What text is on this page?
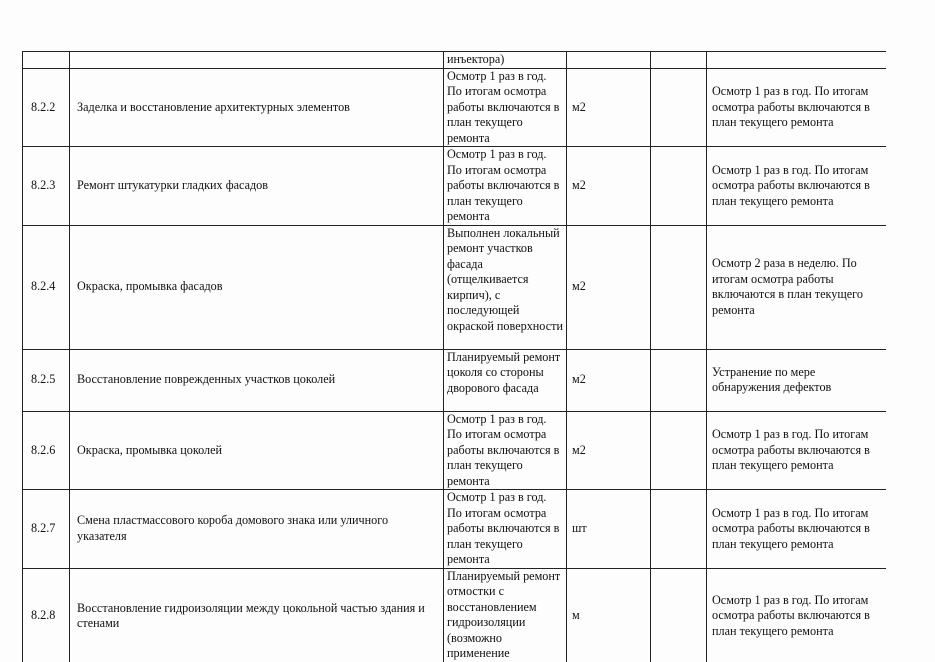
		инъектора)			
8.2.2	Заделка и восстановление архитектурных элементов	Осмотр 1 раз в год. По итогам осмотра работы включаются в план текущего ремонта	м2		Осмотр 1 раз в год. По итогам осмотра работы включаются в план текущего ремонта
8.2.3	Ремонт штукатурки гладких фасадов	Осмотр 1 раз в год. По итогам осмотра работы включаются в план текущего ремонта	м2		Осмотр 1 раз в год. По итогам осмотра работы включаются в план текущего ремонта
8.2.4	Окраска, промывка фасадов	Выполнен локальный ремонт участков фасада (отщелкивается кирпич), с последующей окраской поверхности	м2		Осмотр 2 раза в неделю. По итогам осмотра работы включаются в план текущего ремонта
8.2.5	Восстановление поврежденных участков цоколей	Планируемый ремонт цоколя со стороны дворового фасада	м2		Устранение по мере обнаружения дефектов
8.2.6	Окраска, промывка цоколей	Осмотр 1 раз в год. По итогам осмотра работы включаются в план текущего ремонта	м2		Осмотр 1 раз в год. По итогам осмотра работы включаются в план текущего ремонта
8.2.7	Смена пластмассового короба домового знака или уличного указателя	Осмотр 1 раз в год. По итогам осмотра работы включаются в план текущего ремонта	шт		Осмотр 1 раз в год. По итогам осмотра работы включаются в план текущего ремонта
8.2.8	Восстановление гидроизоляции между цокольной частью здания и стенами	Планируемый ремонт отмостки с восстановлением гидроизоляции (возможно применение	м		Осмотр 1 раз в год. По итогам осмотра работы включаются в план текущего ремонта
